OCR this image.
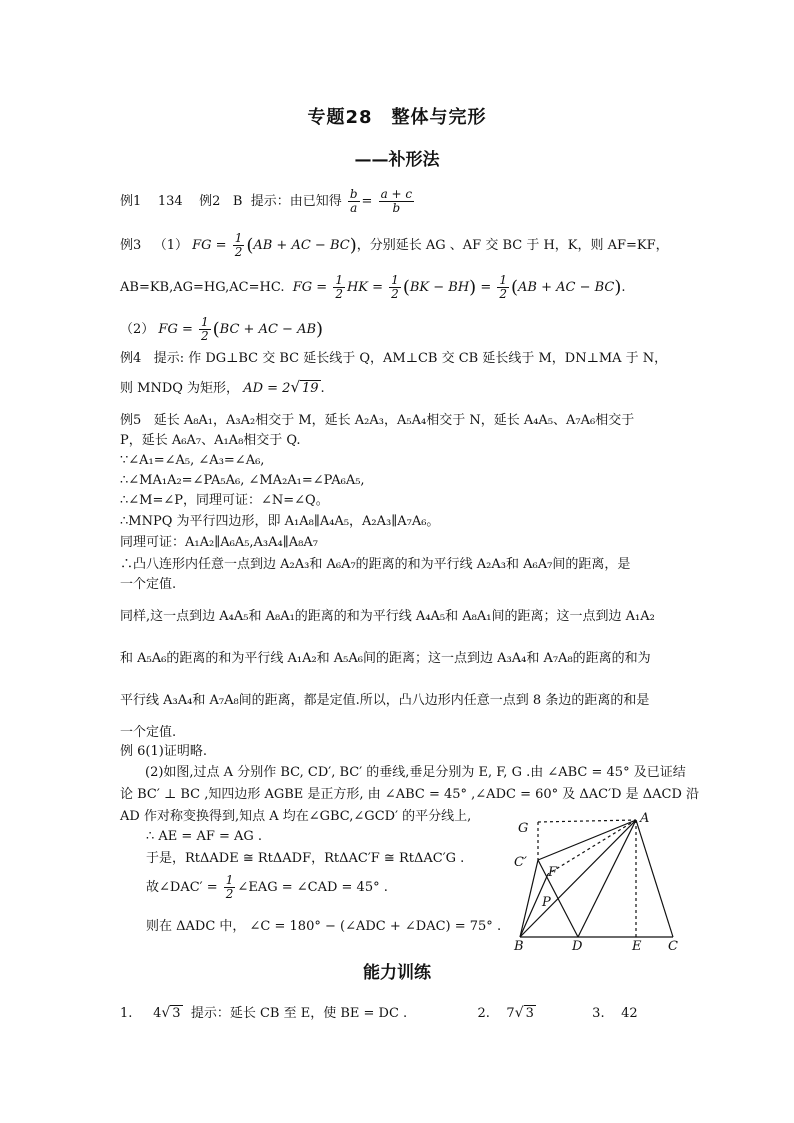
专题28　整体与完形
——补形法
例1 134 例2 B 提示：由已知得 $\frac{b}{a} = \frac{a + c}{b}$
例3 （1） FG = $\frac{1}{2} (AB$ + AC − BC)，分别延长 AG 、AF 交 BC 于 H，K，则 AF=KF，
AB=KB,AG=HG,AC=HC. FG = $\frac{1}{2}$ HK = $\frac{1}{2} (BK - BH) = \frac{1}{2} (AB$ + AC − BC).
（2） FG = $\frac{1}{2} (BC$ + AC − AB)
例4 提示: 作 DG⊥BC 交 BC 延长线于 Q，AM⊥CB 交 CB 延长线于 M，DN⊥MA 于 N，
则 MNDQ 为矩形， AD = 2√ 19 .
例5 延长 A₈A₁，A₃A₂相交于 M，延长 A₂A₃，A₅A₄相交于 N，延长 A₄A₅、A₇A₆相交于
P，延长 A₆A₇、A₁A₈相交于 Q.
∵∠A₁=∠A₅, ∠A₃=∠A₆,
∴∠MA₁A₂=∠PA₅A₆, ∠MA₂A₁=∠PA₆A₅,
∴∠M=∠P，同理可证：∠N=∠Q。
∴MNPQ 为平行四边形，即 A₁A₈∥A₄A₅，A₂A₃∥A₇A₆。
同理可证：A₁A₂∥A₆A₅,A₃A₄∥A₈A₇
∴凸八连形内任意一点到边 A₂A₃和 A₆A₇的距离的和为平行线 A₂A₃和 A₆A₇间的距离，是
一个定值.
同样,这一点到边 A₄A₅和 A₈A₁的距离的和为平行线 A₄A₅和 A₈A₁间的距离；这一点到边 A₁A₂
和 A₅A₆的距离的和为平行线 A₁A₂和 A₅A₆间的距离；这一点到边 A₃A₄和 A₇A₈的距离的和为
平行线 A₃A₄和 A₇A₈间的距离，都是定值.所以，凸八边形内任意一点到 8 条边的距离的和是
一个定值.
例 6(1)证明略.
(2)如图,过点 A 分别作 BC, CD′, BC′ 的垂线,垂足分别为 E, F, G .由 ∠ABC = 45° 及已证结
论 BC′ ⊥ BC ,知四边形 AGBE 是正方形, 由 ∠ABC = 45° ,∠ADC = 60° 及 ΔAC′D 是 ΔACD 沿
AD 作对称变换得到,知点 A 均在∠GBC,∠GCD′ 的平分线上,
∴ AE = AF = AG .
于是，RtΔADE ≅ RtΔADF，RtΔAC′F ≅ RtΔAC′G .
故∠DAC′ = $\frac{1}{2}$ ∠EAG = ∠CAD = 45° .
则在 ΔADC 中， ∠C = 180° − (∠ADC + ∠DAC) = 75° .
A
B	D	E C
G
C′
F
P
能力训练
1. 4√ 3 提示：延长 CB 至 E，使 BE = DC .	2. 7√ 3	3. 42
